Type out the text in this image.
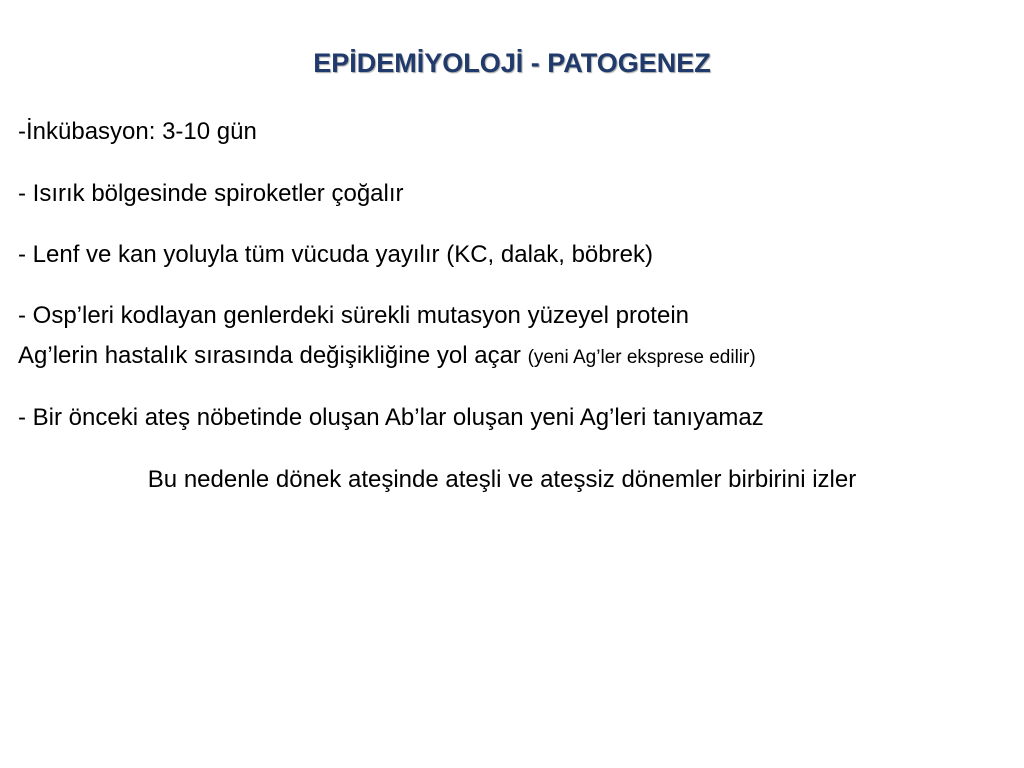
EPİDEMİYOLOJİ - PATOGENEZ
-İnkübasyon: 3-10 gün
- Isırık bölgesinde spiroketler çoğalır
- Lenf ve kan yoluyla tüm vücuda yayılır (KC, dalak, böbrek)
- Osp’leri kodlayan genlerdeki sürekli mutasyon yüzeyel protein
Ag’lerin hastalık sırasında değişikliğine yol açar (yeni Ag’ler eksprese edilir)
- Bir önceki ateş nöbetinde oluşan Ab’lar oluşan yeni Ag’leri tanıyamaz
Bu nedenle dönek ateşinde ateşli ve ateşsiz dönemler birbirini izler
